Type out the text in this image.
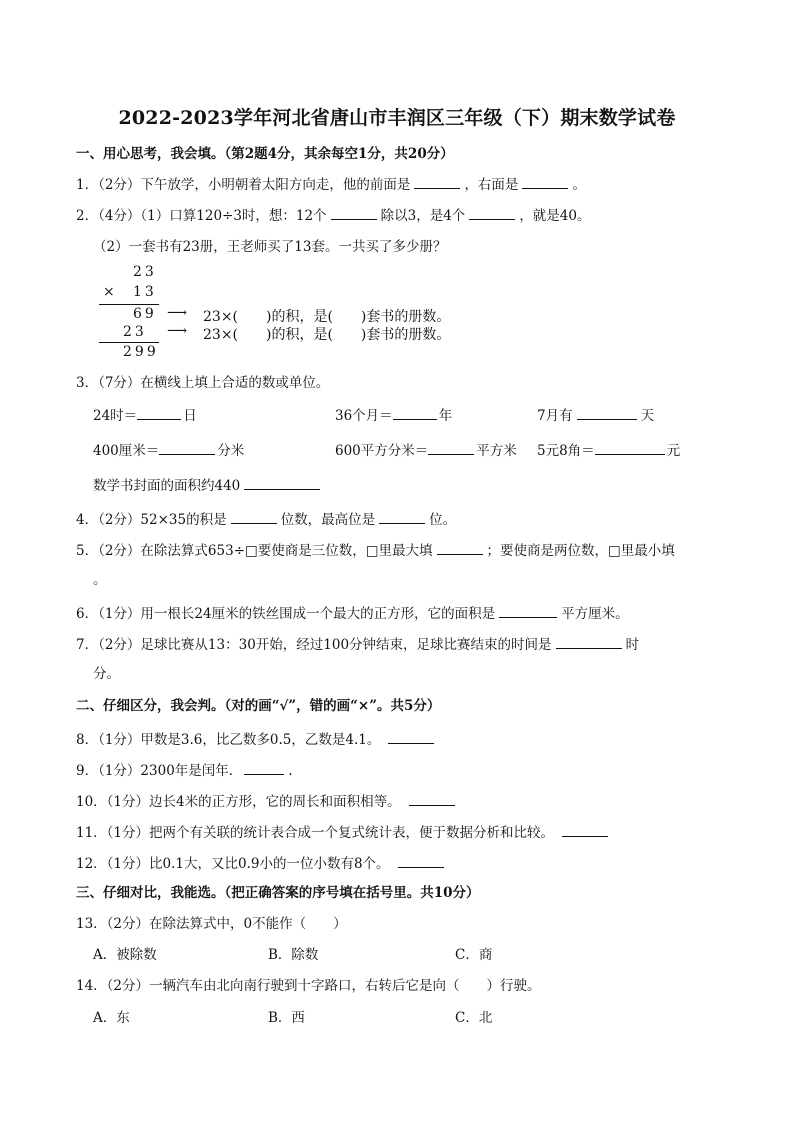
2022-2023学年河北省唐山市丰润区三年级（下）期末数学试卷
一、用心思考，我会填。（第2题4分，其余每空1分，共20分）
1．（2分）下午放学，小明朝着太阳方向走，他的前面是	，右面是	。
2．（4分）（1）口算120÷3时，想：12个	除以3，是4个	，就是40。
（2）一套书有23册，王老师买了13套。一共买了多少册？
23
× 13
69
23
299
⟶ 23×(　　)的积，是(　　)套书的册数。
⟶ 23×(　　)的积，是(　　)套书的册数。
3．（7分）在横线上填上合适的数或单位。
24时＝	日	36个月＝	年	7月有	天
400厘米＝	分米	600平方分米＝	平方米 5元8角＝	元
数学书封面的面积约440
4．（2分）52×35的积是	位数，最高位是	位。
5．（2分）在除法算式653÷□要使商是三位数，□里最大填	；要使商是两位数，□里最小填
。
6．（1分）用一根长24厘米的铁丝围成一个最大的正方形，它的面积是	平方厘米。
7．（2分）足球比赛从13：30开始，经过100分钟结束，足球比赛结束的时间是	时
分。
二、仔细区分，我会判。（对的画“√”，错的画“×”。共5分）
8．（1分）甲数是3.6，比乙数多0.5，乙数是4.1。
9．（1分）2300年是闰年．	.
10．（1分）边长4米的正方形，它的周长和面积相等。
11．（1分）把两个有关联的统计表合成一个复式统计表，便于数据分析和比较。
12．（1分）比0.1大，又比0.9小的一位小数有8个。
三、仔细对比，我能选。（把正确答案的序号填在括号里。共10分）
13．（2分）在除法算式中，0不能作（　　）
A．被除数	B．除数	C．商
14．（2分）一辆汽车由北向南行驶到十字路口，右转后它是向（　　）行驶。
A．东	B．西	C．北
